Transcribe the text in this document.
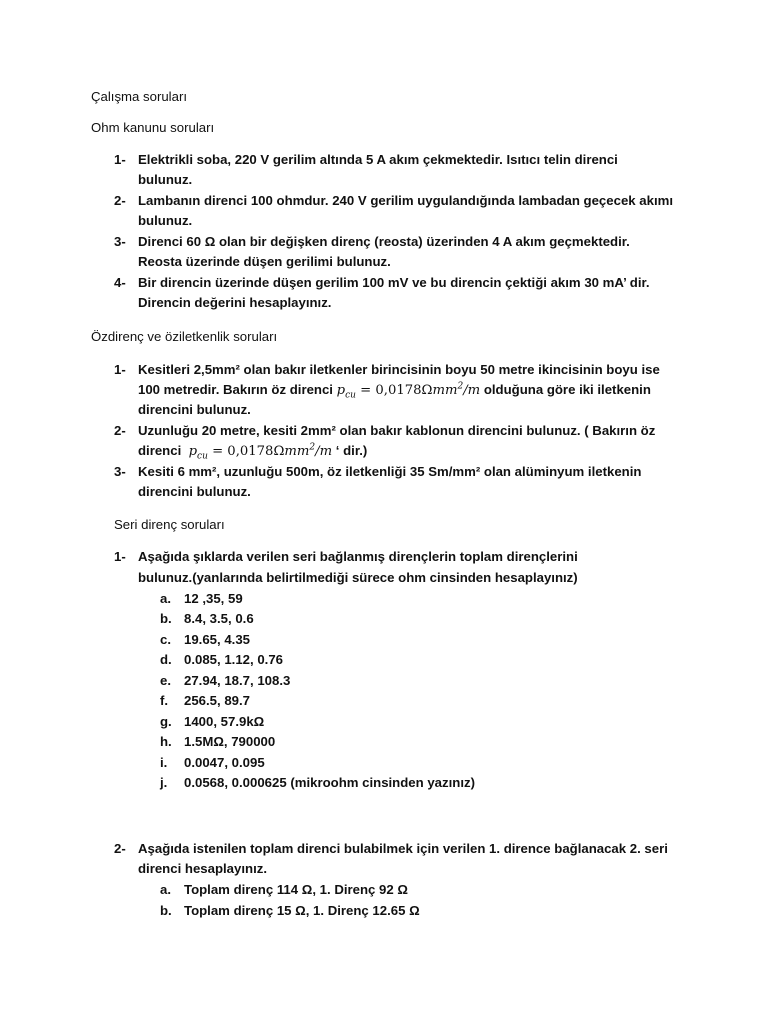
Çalışma soruları
Ohm kanunu soruları
1- Elektrikli soba, 220 V gerilim altında 5 A akım çekmektedir. Isıtıcı telin direnci
bulunuz.
2- Lambanın direnci 100 ohmdur. 240 V gerilim uygulandığında lambadan geçecek akımı
bulunuz.
3- Direnci 60 Ω olan bir değişken direnç (reosta) üzerinden 4 A akım geçmektedir.
Reosta üzerinde düşen gerilimi bulunuz.
4- Bir direncin üzerinde düşen gerilim 100 mV ve bu direncin çektiği akım 30 mA’ dir.
Direncin değerini hesaplayınız.
Özdirenç ve öziletkenlik soruları
1- Kesitleri 2,5mm² olan bakır iletkenler birincisinin boyu 50 metre ikincisinin boyu ise
100 metredir. Bakırın öz direnci $p_{cu} = 0,0178\Omega mm^2/m$ olduğuna göre iki iletkenin
direncini bulunuz.
2- Uzunluğu 20 metre, kesiti 2mm² olan bakır kablonun direncini bulunuz. ( Bakırın öz
direnci $p_{cu} = 0,0178\Omega mm^2/m$ ‘ dir.)
3- Kesiti 6 mm², uzunluğu 500m, öz iletkenliği 35 Sm/mm² olan alüminyum iletkenin
direncini bulunuz.
Seri direnç soruları
1- Aşağıda şıklarda verilen seri bağlanmış dirençlerin toplam dirençlerini
bulunuz.(yanlarında belirtilmediği sürece ohm cinsinden hesaplayınız)
a. 12 ,35, 59
b. 8.4, 3.5, 0.6
c. 19.65, 4.35
d. 0.085, 1.12, 0.76
e. 27.94, 18.7, 108.3
f. 256.5, 89.7
g. 1400, 57.9kΩ
h. 1.5MΩ, 790000
i. 0.0047, 0.095
j. 0.0568, 0.000625 (mikroohm cinsinden yazınız)
2- Aşağıda istenilen toplam direnci bulabilmek için verilen 1. dirence bağlanacak 2. seri
direnci hesaplayınız.
a. Toplam direnç 114 Ω, 1. Direnç 92 Ω
b. Toplam direnç 15 Ω, 1. Direnç 12.65 Ω
